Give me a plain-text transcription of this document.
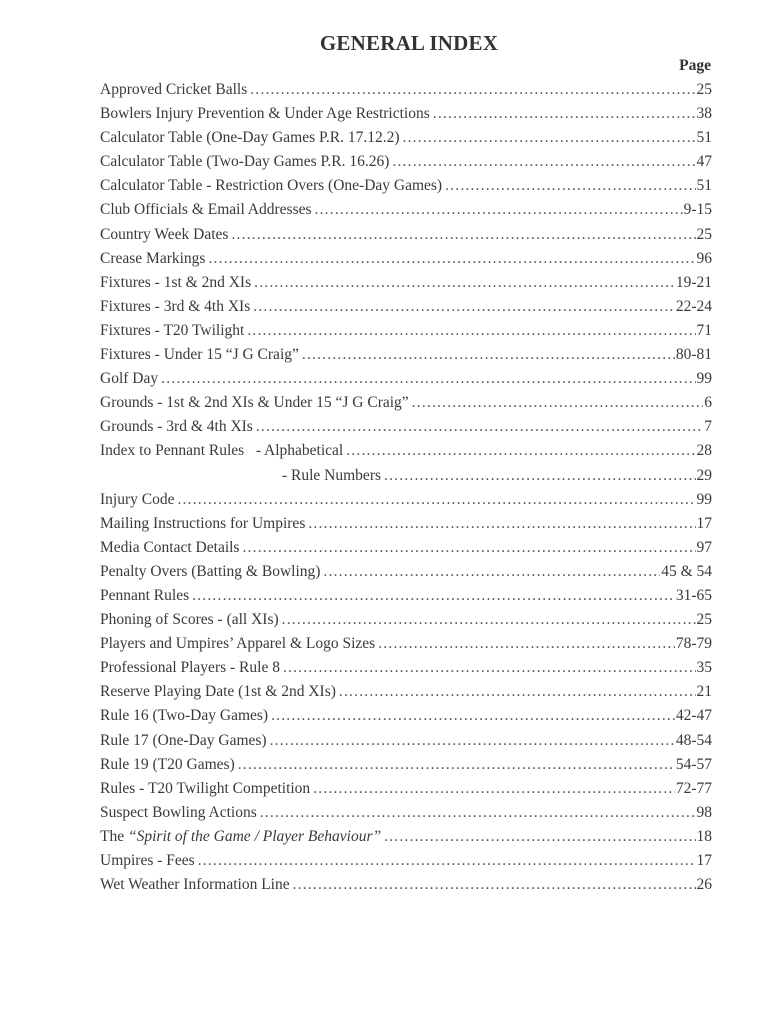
GENERAL INDEX
Page
Approved Cricket Balls .....	25
Bowlers Injury Prevention & Under Age Restrictions .....	38
Calculator Table (One-Day Games P.R. 17.12.2) .....	51
Calculator Table (Two-Day Games P.R. 16.26) .....	47
Calculator Table - Restriction Overs (One-Day Games) .....	51
Club Officials & Email Addresses .....	9-15
Country Week Dates .....	25
Crease Markings .....	96
Fixtures - 1st & 2nd XIs .....	19-21
Fixtures - 3rd & 4th XIs .....	22-24
Fixtures - T20 Twilight .....	71
Fixtures - Under 15 “J G Craig” .....	80-81
Golf Day .....	99
Grounds - 1st & 2nd XIs & Under 15 “J G Craig” .....	6
Grounds - 3rd & 4th XIs .....	7
Index to Pennant Rules   - Alphabetical .....	28
- Rule Numbers .....	29
Injury Code .....	99
Mailing Instructions for Umpires .....	17
Media Contact Details .....	97
Penalty Overs (Batting & Bowling) .....	45 & 54
Pennant Rules .....	31-65
Phoning of Scores - (all XIs) .....	25
Players and Umpires’ Apparel & Logo Sizes .....	78-79
Professional Players - Rule 8 .....	35
Reserve Playing Date (1st & 2nd XIs) .....	21
Rule 16 (Two-Day Games) .....	42-47
Rule 17 (One-Day Games) .....	48-54
Rule 19 (T20 Games) .....	54-57
Rules - T20 Twilight Competition .....	72-77
Suspect Bowling Actions .....	98
The “Spirit of the Game / Player Behaviour” .....	18
Umpires - Fees .....	17
Wet Weather Information Line .....	26
